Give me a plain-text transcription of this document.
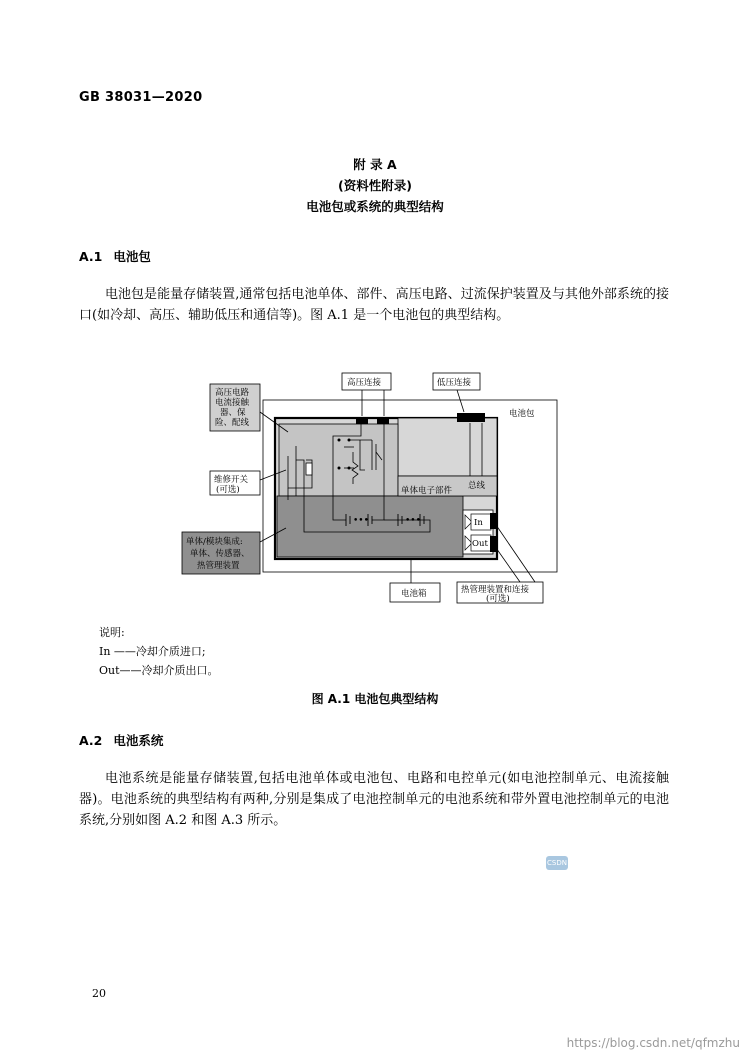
GB 38031—2020
附 录 A
(资料性附录)
电池包或系统的典型结构
A.1 电池包
电池包是能量存储装置,通常包括电池单体、部件、高压电路、过流保护装置及与其他外部系统的接口(如冷却、高压、辅助低压和通信等)。图 A.1 是一个电池包的典型结构。
In
Out
•••	•••
高压连接	低压连接
电池包
高压电路
电流接触
器、保
险、配线
维修开关
(可选)
单体/模块集成:
单体、传感器、
热管理装置
单体电子部件 总线
电池箱	热管理装置和连接
(可选)
说明:
In ——冷却介质进口;
Out——冷却介质出口。
图 A.1 电池包典型结构
A.2 电池系统
电池系统是能量存储装置,包括电池单体或电池包、电路和电控单元(如电池控制单元、电流接触器)。电池系统的典型结构有两种,分别是集成了电池控制单元的电池系统和带外置电池控制单元的电池系统,分别如图 A.2 和图 A.3 所示。
CSDN
20
https://blog.csdn.net/qfmzhu
